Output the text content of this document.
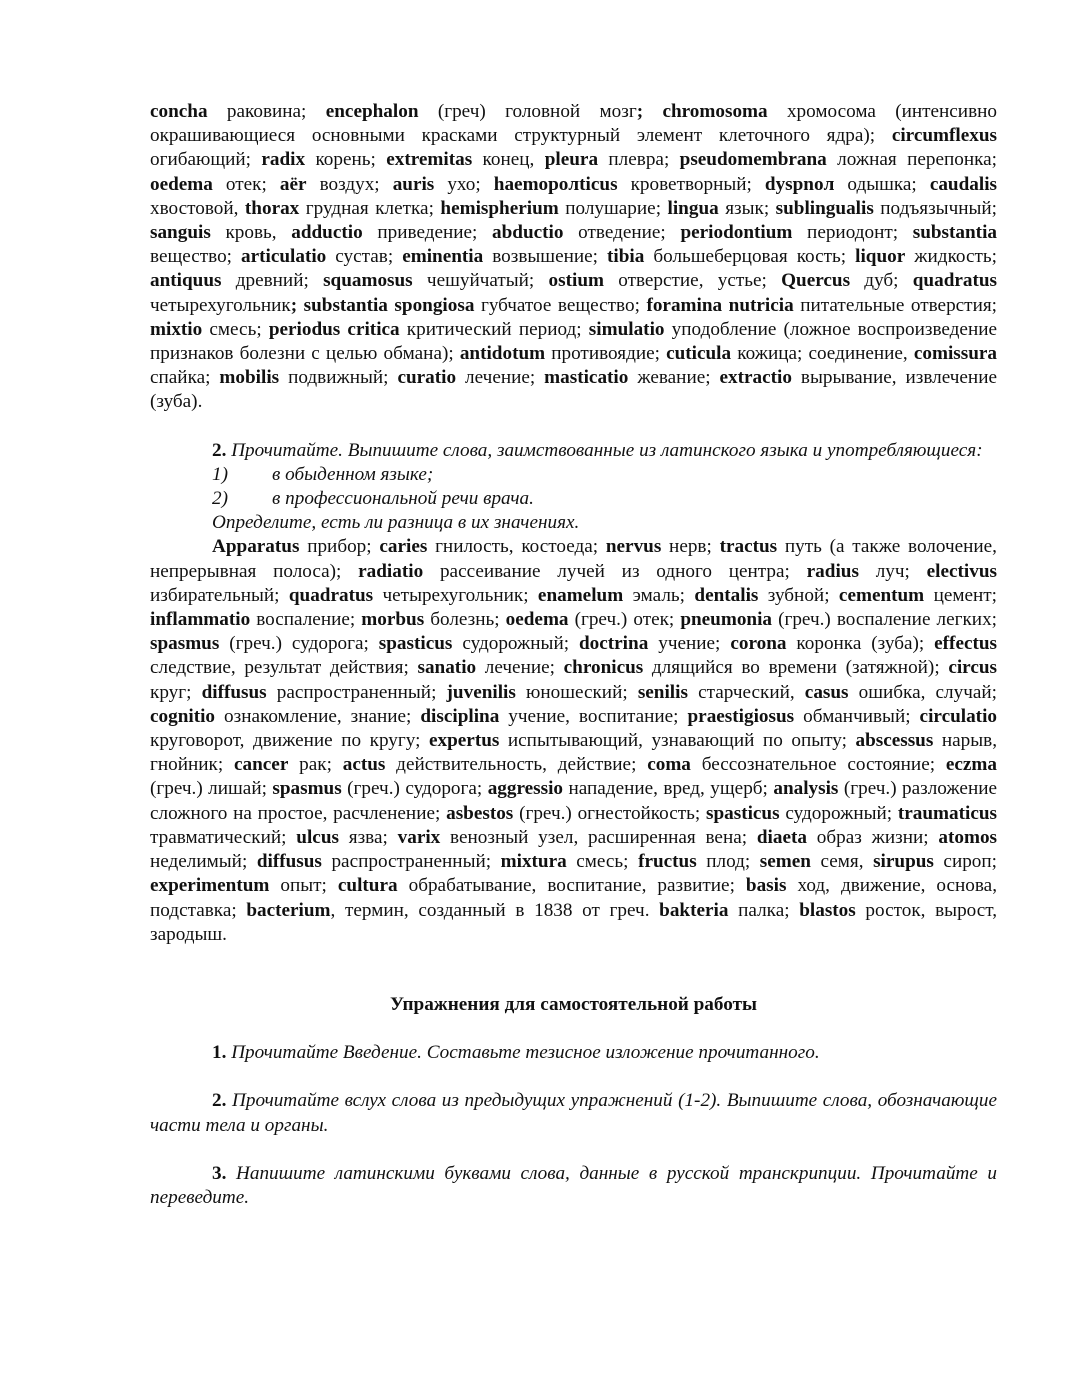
concha раковина; encephalon (греч) головной мозг; chromosoma хромосома (интенсивно окрашивающиеся основными красками структурный элемент клеточного ядра); circumflexus огибающий; radix корень; extremitas конец, pleura плевра; pseudomembrana ложная перепонка; oedema отек; aёr воздух; auris ухо; haemopoлticus кроветворный; dyspnoл одышка; caudalis хвостовой, thorax грудная клетка; hemispherium полушарие; lingua язык; sublingualis подъязычный; sanguis кровь, adductio приведение; abductio отведение; periodontium периодонт; substantia вещество; articulatio сустав; eminentia возвышение; tibia большеберцовая кость; liquor жидкость; antiquus древний; squamosus чешуйчатый; ostium отверстие, устье; Quercus дуб; quadratus четырехугольник; substantia spongiosa губчатое вещество; foramina nutricia питательные отверстия; mixtio смесь; periodus critica критический период; simulatio уподобление (ложное воспроизведение признаков болезни с целью обмана); antidotum противоядие; cuticula кожица; соединение, comissura спайка; mobilis подвижный; curatio лечение; masticatio жевание; extractio вырывание, извлечение (зуба).

2. Прочитайте. Выпишите слова, заимствованные из латинского языка и употребляющиеся:

1)	в обыденном языке;

2)	в профессиональной речи врача.

Определите, есть ли разница в их значениях.

Apparatus прибор; caries гнилость, костоеда; nervus нерв; tractus путь (а также волочение, непрерывная полоса); radiatio рассеивание лучей из одного центра; radius луч; electivus избирательный; quadratus четырехугольник; enamelum эмаль; dentalis зубной; cementum цемент; inflammatio воспаление; morbus болезнь; oedema (греч.) отек; pneumonia (греч.) воспаление легких; spasmus (греч.) судорога; spasticus судорожный; doctrina учение; corona коронка (зуба); effectus следствие, результат действия; sanatio лечение; chronicus длящийся во времени (затяжной); circus круг; diffusus распространенный; juvenilis юношеский; senilis старческий, casus ошибка, случай; cognitio ознакомление, знание; disciplina учение, воспитание; praestigiosus обманчивый; circulatio круговорот, движение по кругу; expertus испытывающий, узнавающий по опыту; abscessus нарыв, гнойник; cancer рак; actus действительность, действие; coma бессознательное состояние; eczma (греч.) лишай; spasmus (греч.) судорога; aggressio нападение, вред, ущерб; analysis (греч.) разложение сложного на простое, расчленение; asbestos (греч.) огнестойкость; spasticus судорожный; traumaticus травматический; ulcus язва; varix венозный узел, расширенная вена; diaeta образ жизни; atomos неделимый; diffusus распространенный; mixtura смесь; fructus плод; semen семя, sirupus сироп; experimentum опыт; cultura обрабатывание, воспитание, развитие; basis ход, движение, основа, подставка; bacterium, термин, созданный в 1838 от греч. bakteria палка; blastos росток, вырост, зародыш.

Упражнения для самостоятельной работы

1. Прочитайте Введение. Составьте тезисное изложение прочитанного.

2. Прочитайте вслух слова из предыдущих упражнений (1-2). Выпишите слова, обозначающие части тела и органы.

3. Напишите латинскими буквами слова, данные в русской транскрипции. Прочитайте и переведите.
